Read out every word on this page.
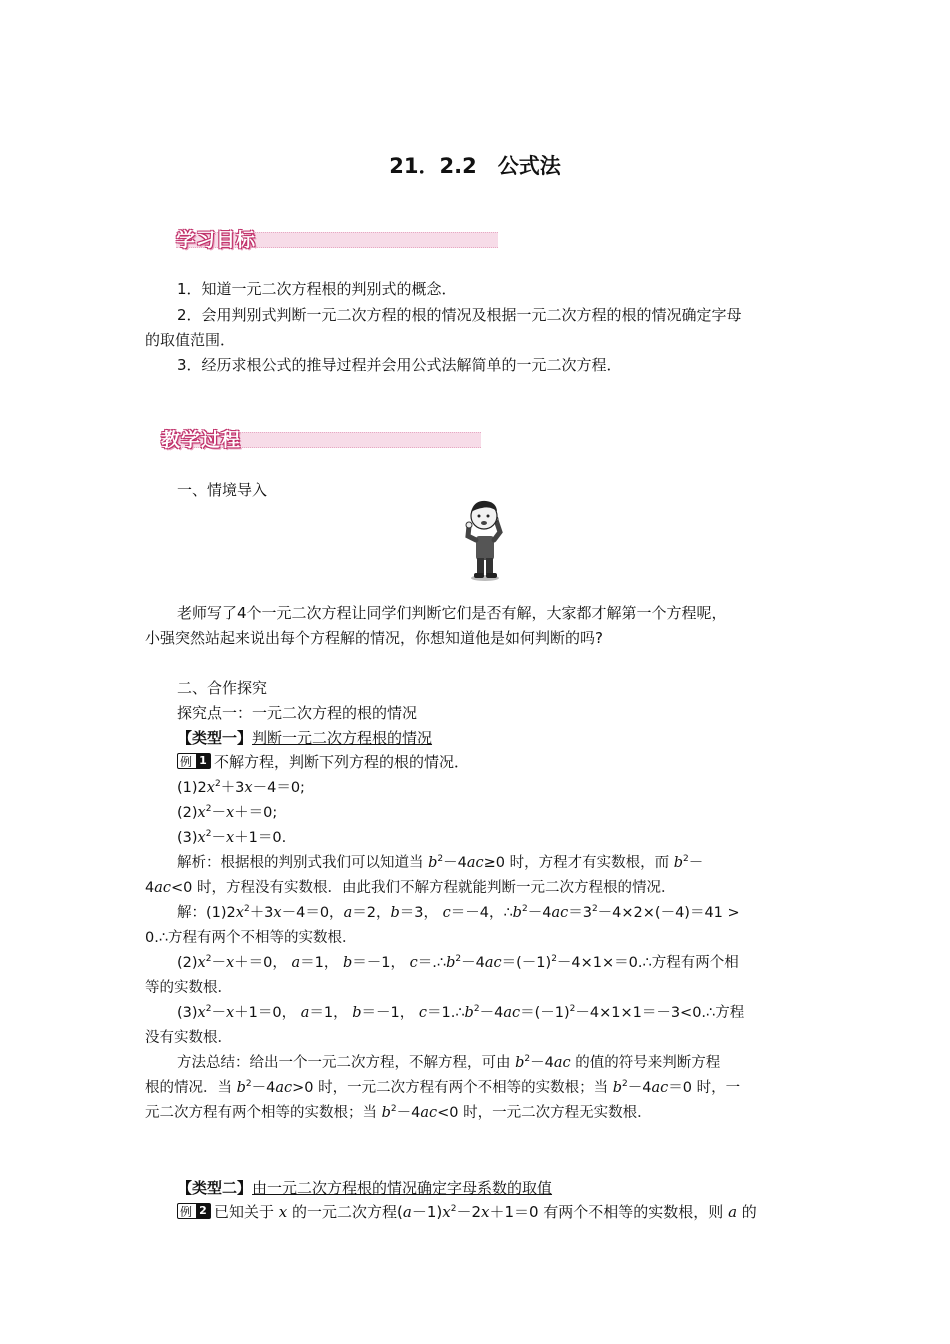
21．2.2　公式法
学习目标
1．知道一元二次方程根的判别式的概念．
2．会用判别式判断一元二次方程的根的情况及根据一元二次方程的根的情况确定字母
的取值范围．
3．经历求根公式的推导过程并会用公式法解简单的一元二次方程．
教学过程
一、情境导入
老师写了4个一元二次方程让同学们判断它们是否有解，大家都才解第一个方程呢，
小强突然站起来说出每个方程解的情况，你想知道他是如何判断的吗?
二、合作探究
探究点一：一元二次方程的根的情况
【类型一】判断一元二次方程根的情况
例 1 不解方程，判断下列方程的根的情况．
$(1)2x^2+3x-4=0$;
$(2)x^2-x+=0$;
$(3)x^2-x+1=0$.
解析：根据根的判别式我们可以知道当 $b^2-4ac\ge 0$ 时，方程才有实数根，而 $b^2-$
4ac<0 时，方程没有实数根．由此我们不解方程就能判断一元二次方程根的情况．
解：$(1)2x^2+3x-4=0$，a＝2，b＝3， c＝－4，$\therefore b^2-4ac=3^2-4\times 2\times(-4)=41$ >
0.∴方程有两个不相等的实数根．
$(2)x^2-x+=0$， a＝1， b＝－1， $c=.\therefore b^2-4ac=(-1)^2-4\times 1\times=0.\therefore$方程有两个相
等的实数根．
$(3)x^2-x+1=0$， a＝1， b＝－1， $c=1.\therefore b^2-4ac=(-1)^2-4\times 1\times 1=-3<0.\therefore$方程
没有实数根．
方法总结：给出一个一元二次方程，不解方程，可由 $b^2-4ac$ 的值的符号来判断方程
根的情况．当 $b^2-4ac>0$ 时，一元二次方程有两个不相等的实数根；当 $b^2-4ac=0$ 时，一
元二次方程有两个相等的实数根；当 $b^2-4ac<0$ 时，一元二次方程无实数根．
【类型二】由一元二次方程根的情况确定字母系数的取值
例 2 已知关于 x 的一元二次方程$(a-1)x^2-2x+1=0$ 有两个不相等的实数根，则 a 的
